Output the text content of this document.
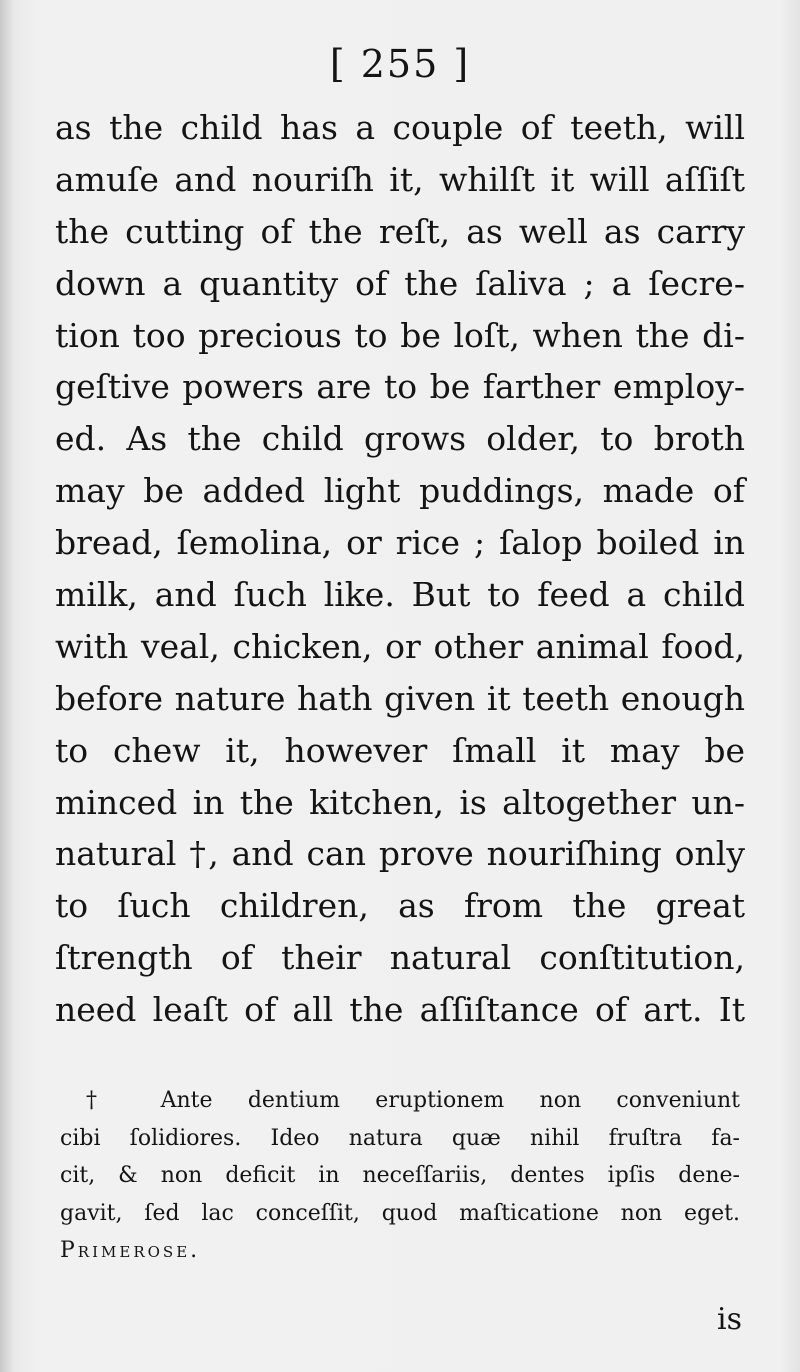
[ 255 ]
as the child has a couple of teeth, will
amuſe and nouriſh it, whilſt it will aſſiſt
the cutting of the reſt, as well as carry
down a quantity of the ſaliva ; a ſecre-
tion too precious to be loſt, when the di-
geſtive powers are to be farther employ-
ed. As the child grows older, to broth
may be added light puddings, made of
bread, ſemolina, or rice ; ſalop boiled in
milk, and ſuch like. But to feed a child
with veal, chicken, or other animal food,
before nature hath given it teeth enough
to chew it, however ſmall it may be
minced in the kitchen, is altogether un-
natural †, and can prove nouriſhing only
to ſuch children, as from the great
ſtrength of their natural conſtitution,
need leaſt of all the aſſiſtance of art. It
† Ante dentium eruptionem non conveniunt
cibi ſolidiores. Ideo natura quæ nihil fruſtra fa-
cit, & non deficit in neceſſariis, dentes ipſis dene-
gavit, ſed lac conceſſit, quod maſticatione non eget.
Primerose.
is
